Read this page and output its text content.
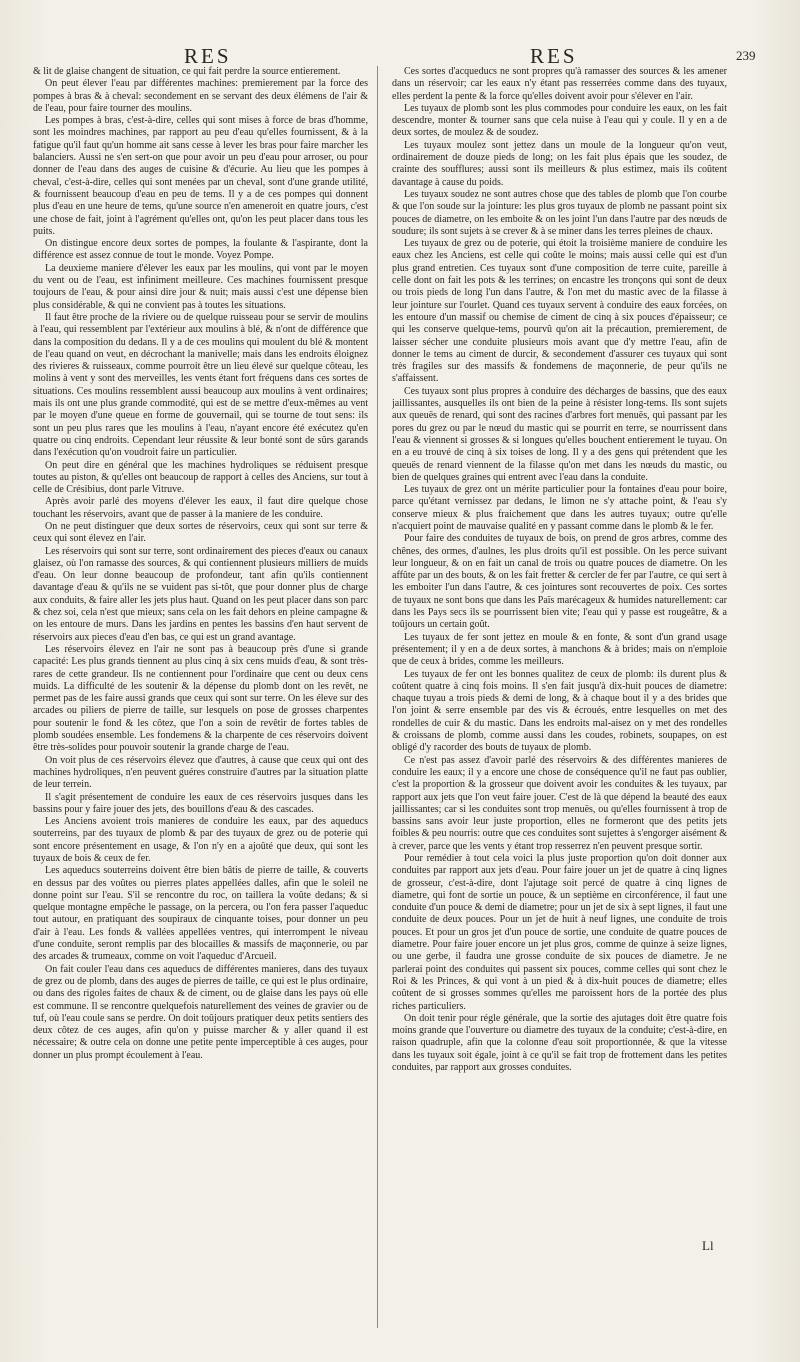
RES	RES	239

& lit de glaise changent de situation, ce qui fait perdre la source entierement.

On peut élever l'eau par différentes machines: premierement par la force des pompes à bras & à cheval: secondement en se servant des deux élémens de l'air & de l'eau, pour faire tourner des moulins.

Les pompes à bras, c'est-à-dire, celles qui sont mises à force de bras d'homme, sont les moindres machines, par rapport au peu d'eau qu'elles fournissent, & à la fatigue qu'il faut qu'un homme ait sans cesse à lever les bras pour faire marcher les balanciers. Aussi ne s'en sert-on que pour avoir un peu d'eau pour arroser, ou pour donner de l'eau dans des auges de cuisine & d'écurie. Au lieu que les pompes à cheval, c'est-à-dire, celles qui sont menées par un cheval, sont d'une grande utilité, & fournissent beaucoup d'eau en peu de tems. Il y a de ces pompes qui donnent plus d'eau en une heure de tems, qu'une source n'en ameneroit en quatre jours, c'est une chose de fait, joint à l'agrément qu'elles ont, qu'on les peut placer dans tous les puits.

On distingue encore deux sortes de pompes, la foulante & l'aspirante, dont la différence est assez connue de tout le monde. Voyez Pompe.

La deuxieme maniere d'élever les eaux par les moulins, qui vont par le moyen du vent ou de l'eau, est infiniment meilleure. Ces machines fournissent presque toujours de l'eau, & pour ainsi dire jour & nuit; mais aussi c'est une dépense bien plus considérable, & qui ne convient pas à toutes les situations.

Il faut être proche de la riviere ou de quelque ruisseau pour se servir de moulins à l'eau, qui ressemblent par l'extérieur aux moulins à blé, & n'ont de différence que dans la composition du dedans. Il y a de ces moulins qui moulent du blé & montent de l'eau quand on veut, en décrochant la manivelle; mais dans les endroits éloignez des rivieres & ruisseaux, comme pourroit être un lieu élevé sur quelque côteau, les molins à vent y sont des merveilles, les vents étant fort fréquens dans ces sortes de situations. Ces moulins ressemblent aussi beaucoup aux moulins à vent ordinaires; mais ils ont une plus grande commodité, qui est de se mettre d'eux-mêmes au vent par le moyen d'une queue en forme de gouvernail, qui se tourne de tout sens: ils sont un peu plus rares que les moulins à l'eau, n'ayant encore été exécutez qu'en quatre ou cinq endroits. Cependant leur réussite & leur bonté sont de sûrs garands dans l'exécution qu'on voudroit faire un particulier.

On peut dire en général que les machines hydroliques se réduisent presque toutes au piston, & qu'elles ont beaucoup de rapport à celles des Anciens, sur tout à celle de Crésibius, dont parle Vitruve.

Après avoir parlé des moyens d'élever les eaux, il faut dire quelque chose touchant les réservoirs, avant que de passer à la maniere de les conduire.

On ne peut distinguer que deux sortes de réservoirs, ceux qui sont sur terre & ceux qui sont élevez en l'air.

Les réservoirs qui sont sur terre, sont ordinairement des pieces d'eaux ou canaux glaisez, où l'on ramasse des sources, & qui contiennent plusieurs milliers de muids d'eau. On leur donne beaucoup de profondeur, tant afin qu'ils contiennent davantage d'eau & qu'ils ne se vuident pas si-tôt, que pour donner plus de charge aux conduits, & faire aller les jets plus haut. Quand on les peut placer dans son parc & chez soi, cela n'est que mieux; sans cela on les fait dehors en pleine campagne & on les entoure de murs. Dans les jardins en pentes les bassins d'en haut servent de réservoirs aux pieces d'eau d'en bas, ce qui est un grand avantage.

Les réservoirs élevez en l'air ne sont pas à beaucoup près d'une si grande capacité: Les plus grands tiennent au plus cinq à six cens muids d'eau, & sont très-rares de cette grandeur. Ils ne contiennent pour l'ordinaire que cent ou deux cens muids. La difficulté de les soutenir & la dépense du plomb dont on les revêt, ne permet pas de les faire aussi grands que ceux qui sont sur terre. On les éleve sur des arcades ou piliers de pierre de taille, sur lesquels on pose de grosses charpentes pour soutenir le fond & les côtez, que l'on a soin de revêtir de fortes tables de plomb soudées ensemble. Les fondemens & la charpente de ces réservoirs doivent être très-solides pour pouvoir soutenir la grande charge de l'eau.

On voit plus de ces réservoirs élevez que d'autres, à cause que ceux qui ont des machines hydroliques, n'en peuvent guéres construire d'autres par la situation platte de leur terrein.

Il s'agit présentement de conduire les eaux de ces réservoirs jusques dans les bassins pour y faire jouer des jets, des bouillons d'eau & des cascades.

Les Anciens avoient trois manieres de conduire les eaux, par des aqueducs souterreins, par des tuyaux de plomb & par des tuyaux de grez ou de poterie qui sont encore présentement en usage, & l'on n'y en a ajoûté que deux, qui sont les tuyaux de bois & ceux de fer.

Les aqueducs souterreins doivent être bien bâtis de pierre de taille, & couverts en dessus par des voûtes ou pierres plates appellées dalles, afin que le soleil ne donne point sur l'eau. S'il se rencontre du roc, on taillera la voûte dedans; & si quelque montagne empêche le passage, on la percera, ou l'on fera passer l'aqueduc tout autour, en pratiquant des soupiraux de cinquante toises, pour donner un peu d'air à l'eau. Les fonds & vallées appellées ventres, qui interrompent le niveau d'une conduite, seront remplis par des blocailles & massifs de maçonnerie, ou par des arcades & trumeaux, comme on voit l'aqueduc d'Arcueil.

On fait couler l'eau dans ces aqueducs de différentes manieres, dans des tuyaux de grez ou de plomb, dans des auges de pierres de taille, ce qui est le plus ordinaire, ou dans des rigoles faites de chaux & de ciment, ou de glaise dans les pays où elle est commune. Il se rencontre quelquefois naturellement des veines de gravier ou de tuf, où l'eau coule sans se perdre. On doit toûjours pratiquer deux petits sentiers des deux côtez de ces auges, afin qu'on y puisse marcher & y aller quand il est nécessaire; & outre cela on donne une petite pente imperceptible à ces auges, pour donner un plus prompt écoulement à l'eau.

Ces sortes d'acqueducs ne sont propres qu'à ramasser des sources & les amener dans un réservoir; car les eaux n'y étant pas resserrées comme dans des tuyaux, elles perdent la pente & la force qu'elles doivent avoir pour s'élever en l'air.

Les tuyaux de plomb sont les plus commodes pour conduire les eaux, on les fait descendre, monter & tourner sans que cela nuise à l'eau qui y coule. Il y en a de deux sortes, de moulez & de soudez.

Les tuyaux moulez sont jettez dans un moule de la longueur qu'on veut, ordinairement de douze pieds de long; on les fait plus épais que les soudez, de crainte des soufflures; aussi sont ils meilleurs & plus estimez, mais ils coûtent davantage à cause du poids.

Les tuyaux soudez ne sont autres chose que des tables de plomb que l'on courbe & que l'on soude sur la jointure: les plus gros tuyaux de plomb ne passant point six pouces de diametre, on les emboite & on les joint l'un dans l'autre par des nœuds de soudure; ils sont sujets à se crever & à se miner dans les terres pleines de chaux.

Les tuyaux de grez ou de poterie, qui étoit la troisième maniere de conduire les eaux chez les Anciens, est celle qui coûte le moins; mais aussi celle qui est d'un plus grand entretien. Ces tuyaux sont d'une composition de terre cuite, pareille à celle dont on fait les pots & les terrines; on encastre les tronçons qui sont de deux ou trois pieds de long l'un dans l'autre, & l'on met du mastic avec de la filasse à leur jointure sur l'ourlet. Quand ces tuyaux servent à conduire des eaux forcées, on les entoure d'un massif ou chemise de ciment de cinq à six pouces d'épaisseur; ce qui les conserve quelque-tems, pourvû qu'on ait la précaution, premierement, de laisser sécher une conduite plusieurs mois avant que d'y mettre l'eau, afin de donner le tems au ciment de durcir, & secondement d'assurer ces tuyaux qui sont très fragiles sur des massifs & fondemens de maçonnerie, de peur qu'ils ne s'affaissent.

Ces tuyaux sont plus propres à conduire des décharges de bassins, que des eaux jaillissantes, ausquelles ils ont bien de la peine à résister long-tems. Ils sont sujets aux queuës de renard, qui sont des racines d'arbres fort menuës, qui passant par les pores du grez ou par le nœud du mastic qui se pourrit en terre, se nourrissent dans l'eau & viennent si grosses & si longues qu'elles bouchent entierement le tuyau. On en a eu trouvé de cinq à six toises de long. Il y a des gens qui prétendent que les queuës de renard viennent de la filasse qu'on met dans les nœuds du mastic, ou bien de quelques graines qui entrent avec l'eau dans la conduite.

Les tuyaux de grez ont un mérite particulier pour la fontaines d'eau pour boire, parce qu'étant vernissez par dedans, le limon ne s'y attache point, & l'eau s'y conserve mieux & plus fraichement que dans les autres tuyaux; outre qu'elle n'acquiert point de mauvaise qualité en y passant comme dans le plomb & le fer.

Pour faire des conduites de tuyaux de bois, on prend de gros arbres, comme des chênes, des ormes, d'aulnes, les plus droits qu'il est possible. On les perce suivant leur longueur, & on en fait un canal de trois ou quatre pouces de diametre. On les affûte par un des bouts, & on les fait fretter & cercler de fer par l'autre, ce qui sert à les emboiter l'un dans l'autre, & ces jointures sont recouvertes de poix. Ces sortes de tuyaux ne sont bons que dans les Païs marécageux & humides naturellement: car dans les Pays secs ils se pourrissent bien vite; l'eau qui y passe est rougeâtre, & a toûjours un certain goût.

Les tuyaux de fer sont jettez en moule & en fonte, & sont d'un grand usage présentement; il y en a de deux sortes, à manchons & à brides; mais on n'emploie que de ceux à brides, comme les meilleurs.

Les tuyaux de fer ont les bonnes qualitez de ceux de plomb: ils durent plus & coûtent quatre à cinq fois moins. Il s'en fait jusqu'à dix-huit pouces de diametre: chaque tuyau a trois pieds & demi de long, & à chaque bout il y a des brides que l'on joint & serre ensemble par des vis & écroués, entre lesquelles on met des rondelles de cuir & du mastic. Dans les endroits mal-aisez on y met des rondelles & croissans de plomb, comme aussi dans les coudes, robinets, soupapes, on est obligé d'y racorder des bouts de tuyaux de plomb.

Ce n'est pas assez d'avoir parlé des réservoirs & des différentes manieres de conduire les eaux; il y a encore une chose de conséquence qu'il ne faut pas oublier, c'est la proportion & la grosseur que doivent avoir les conduites & les tuyaux, par rapport aux jets que l'on veut faire jouer. C'est de là que dépend la beauté des eaux jaillissantes; car si les conduites sont trop menuës, ou qu'elles fournissent à trop de bassins sans avoir leur juste proportion, elles ne formeront que des petits jets foibles & peu nourris: outre que ces conduites sont sujettes à s'engorger aisément & à crever, parce que les vents y étant trop resserrez n'en peuvent presque sortir.

Pour remédier à tout cela voici la plus juste proportion qu'on doit donner aux conduites par rapport aux jets d'eau. Pour faire jouer un jet de quatre à cinq lignes de grosseur, c'est-à-dire, dont l'ajutage soit percé de quatre à cinq lignes de diametre, qui font de sortie un pouce, & un septième en circonférence, il faut une conduite d'un pouce & demi de diametre; pour un jet de six à sept lignes, il faut une conduite de deux pouces. Pour un jet de huit à neuf lignes, une conduite de trois pouces. Et pour un gros jet d'un pouce de sortie, une conduite de quatre pouces de diametre. Pour faire jouer encore un jet plus gros, comme de quinze à seize lignes, ou une gerbe, il faudra une grosse conduite de six pouces de diametre. Je ne parlerai point des conduites qui passent six pouces, comme celles qui sont chez le Roi & les Princes, & qui vont à un pied & à dix-huit pouces de diametre; elles coûtent de si grosses sommes qu'elles me paroissent hors de la portée des plus riches particuliers.

On doit tenir pour régle générale, que la sortie des ajutages doit être quatre fois moins grande que l'ouverture ou diametre des tuyaux de la conduite; c'est-à-dire, en raison quadruple, afin que la colonne d'eau soit proportionnée, & que la vitesse dans les tuyaux soit égale, joint à ce qu'il se fait trop de frottement dans les petites conduites, par rapport aux grosses conduites.

Ll
